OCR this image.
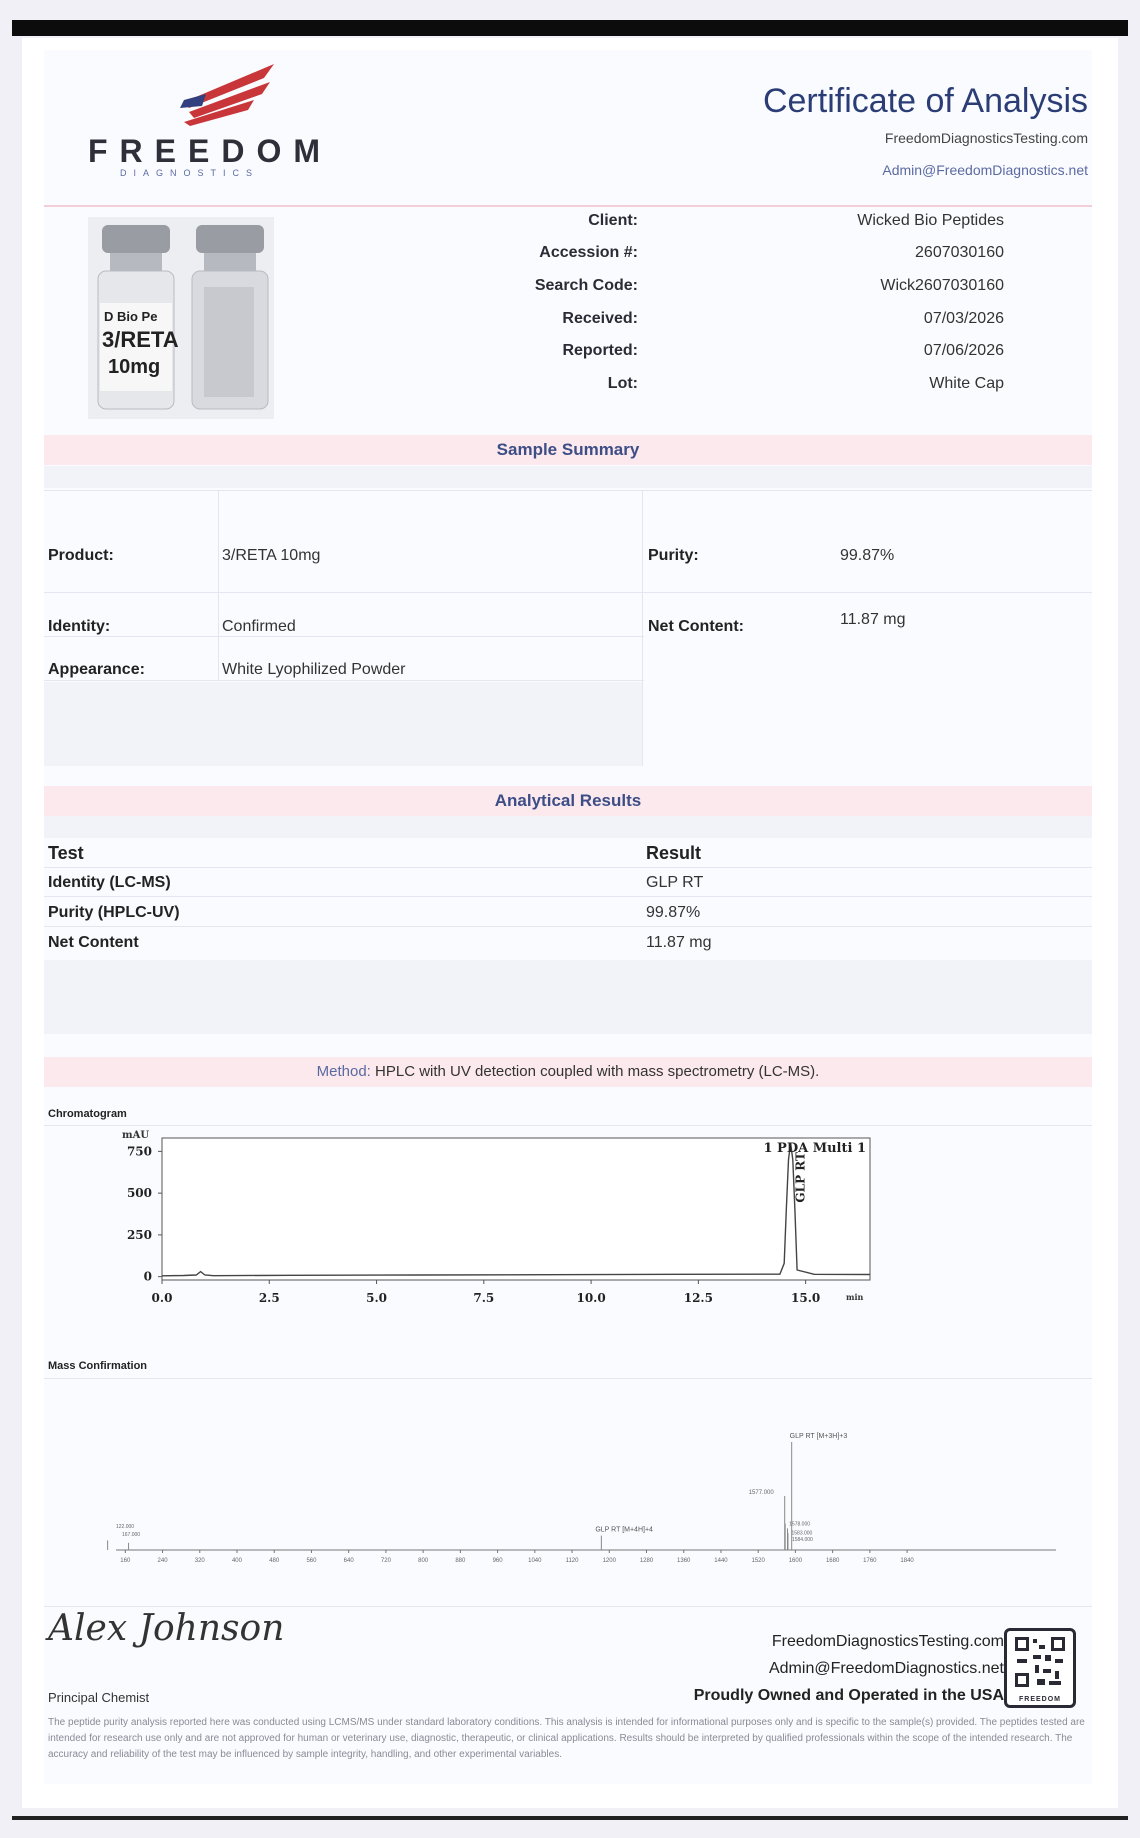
FREEDOM
DIAGNOSTICS
Certificate of Analysis
FreedomDiagnosticsTesting.com
Admin@FreedomDiagnostics.net
D Bio Pe
3/RETA
10mg
Client:	Wicked Bio Peptides
Accession #:	2607030160
Search Code:	Wick2607030160
Received:	07/03/2026
Reported:	07/06/2026
Lot:	White Cap
Sample Summary
Product:	3/RETA 10mg	Purity:	99.87%
Identity:	Confirmed	Net Content:	11.87 mg
Appearance:	White Lyophilized Powder
Analytical Results
Test	Result
Identity (LC-MS)	GLP RT
Purity (HPLC-UV)	99.87%
Net Content	11.87 mg
Method: HPLC with UV detection coupled with mass spectrometry (LC-MS).
Chromatogram
mAU
min
0
250
500
750
0.0	2.5	5.0	7.5	10.0	12.5	15.0
1 PDA Multi 1
GLP RT
Mass Confirmation
160	240	320	400	480	560	640	720	800	880	960	1040	1120	1200	1280	1360	1440	1520	1600	1680	1760	1840
GLP RT [M+3H]+3
1577.000
GLP RT [M+4H]+4
1578.000
1583.000
1584.000
122.000
167.000
Alex Johnson
Principal Chemist
FreedomDiagnosticsTesting.com
Admin@FreedomDiagnostics.net
Proudly Owned and Operated in the USA	FREEDOM
The peptide purity analysis reported here was conducted using LCMS/MS under standard laboratory conditions. This analysis is intended for informational purposes only and is specific to the sample(s) provided. The peptides tested are intended for research use only and are not approved for human or veterinary use, diagnostic, therapeutic, or clinical applications. Results should be interpreted by qualified professionals within the scope of the intended research. The accuracy and reliability of the test may be influenced by sample integrity, handling, and other experimental variables.
